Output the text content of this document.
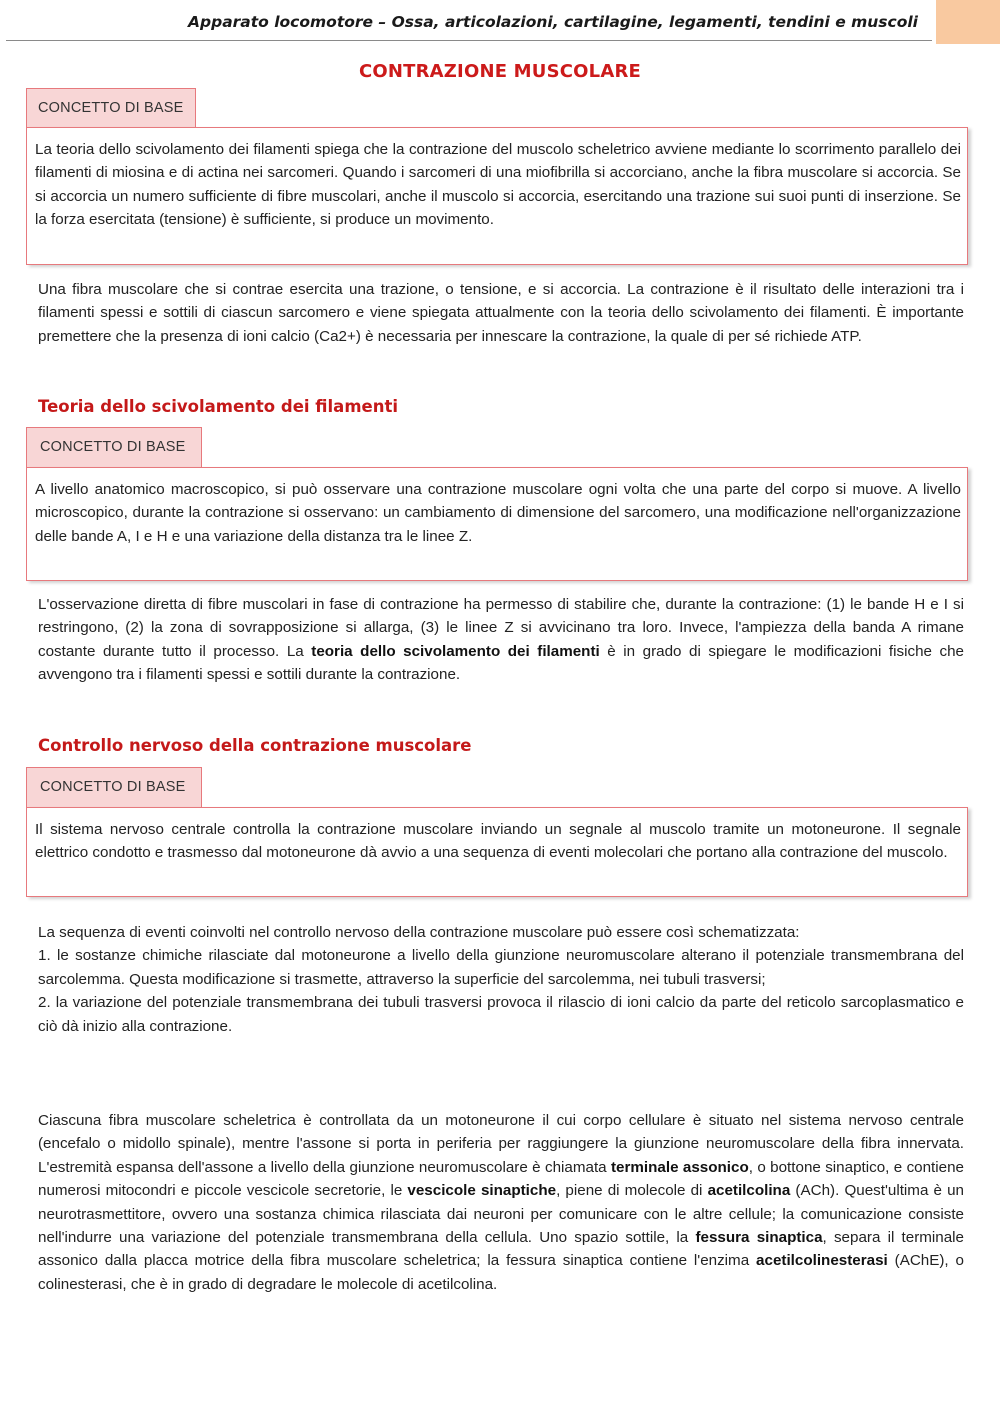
Apparato locomotore – Ossa, articolazioni, cartilagine, legamenti, tendini e muscoli
CONTRAZIONE MUSCOLARE
CONCETTO DI BASE

La teoria dello scivolamento dei filamenti spiega che la contrazione del muscolo scheletrico avviene mediante lo scorrimento parallelo dei filamenti di miosina e di actina nei sarcomeri. Quando i sarcomeri di una miofibrilla si accorciano, anche la fibra muscolare si accorcia. Se si accorcia un numero sufficiente di fibre muscolari, anche il muscolo si accorcia, esercitando una trazione sui suoi punti di inserzione. Se la forza esercitata (tensione) è sufficiente, si produce un movimento.

Una fibra muscolare che si contrae esercita una trazione, o tensione, e si accorcia. La contrazione è il risultato delle interazioni tra i filamenti spessi e sottili di ciascun sarcomero e viene spiegata attualmente con la teoria dello scivolamento dei filamenti. È importante premettere che la presenza di ioni calcio (Ca2+) è necessaria per innescare la contrazione, la quale di per sé richiede ATP.

Teoria dello scivolamento dei filamenti
CONCETTO DI BASE

A livello anatomico macroscopico, si può osservare una contrazione muscolare ogni volta che una parte del corpo si muove. A livello microscopico, durante la contrazione si osservano: un cambiamento di dimensione del sarcomero, una modificazione nell'organizzazione delle bande A, I e H e una variazione della distanza tra le linee Z.

L'osservazione diretta di fibre muscolari in fase di contrazione ha permesso di stabilire che, durante la contrazione: (1) le bande H e I si restringono, (2) la zona di sovrapposizione si allarga, (3) le linee Z si avvicinano tra loro. Invece, l'ampiezza della banda A rimane costante durante tutto il processo. La teoria dello scivolamento dei filamenti è in grado di spiegare le modificazioni fisiche che avvengono tra i filamenti spessi e sottili durante la contrazione.

Controllo nervoso della contrazione muscolare
CONCETTO DI BASE

Il sistema nervoso centrale controlla la contrazione muscolare inviando un segnale al muscolo tramite un motoneurone. Il segnale elettrico condotto e trasmesso dal motoneurone dà avvio a una sequenza di eventi molecolari che portano alla contrazione del muscolo.

La sequenza di eventi coinvolti nel controllo nervoso della contrazione muscolare può essere così schematizzata:

1. le sostanze chimiche rilasciate dal motoneurone a livello della giunzione neuromuscolare alterano il potenziale transmembrana del sarcolemma. Questa modificazione si trasmette, attraverso la superficie del sarcolemma, nei tubuli trasversi;

2. la variazione del potenziale transmembrana dei tubuli trasversi provoca il rilascio di ioni calcio da parte del reticolo sarcoplasmatico e ciò dà inizio alla contrazione.

Ciascuna fibra muscolare scheletrica è controllata da un motoneurone il cui corpo cellulare è situato nel sistema nervoso centrale (encefalo o midollo spinale), mentre l'assone si porta in periferia per raggiungere la giunzione neuromuscolare della fibra innervata. L'estremità espansa dell'assone a livello della giunzione neuromuscolare è chiamata terminale assonico, o bottone sinaptico, e contiene numerosi mitocondri e piccole vescicole secretorie, le vescicole sinaptiche, piene di molecole di acetilcolina (ACh). Quest'ultima è un neurotrasmettitore, ovvero una sostanza chimica rilasciata dai neuroni per comunicare con le altre cellule; la comunicazione consiste nell'indurre una variazione del potenziale transmembrana della cellula. Uno spazio sottile, la fessura sinaptica, separa il terminale assonico dalla placca motrice della fibra muscolare scheletrica; la fessura sinaptica contiene l'enzima acetilcolinesterasi (AChE), o colinesterasi, che è in grado di degradare le molecole di acetilcolina.
